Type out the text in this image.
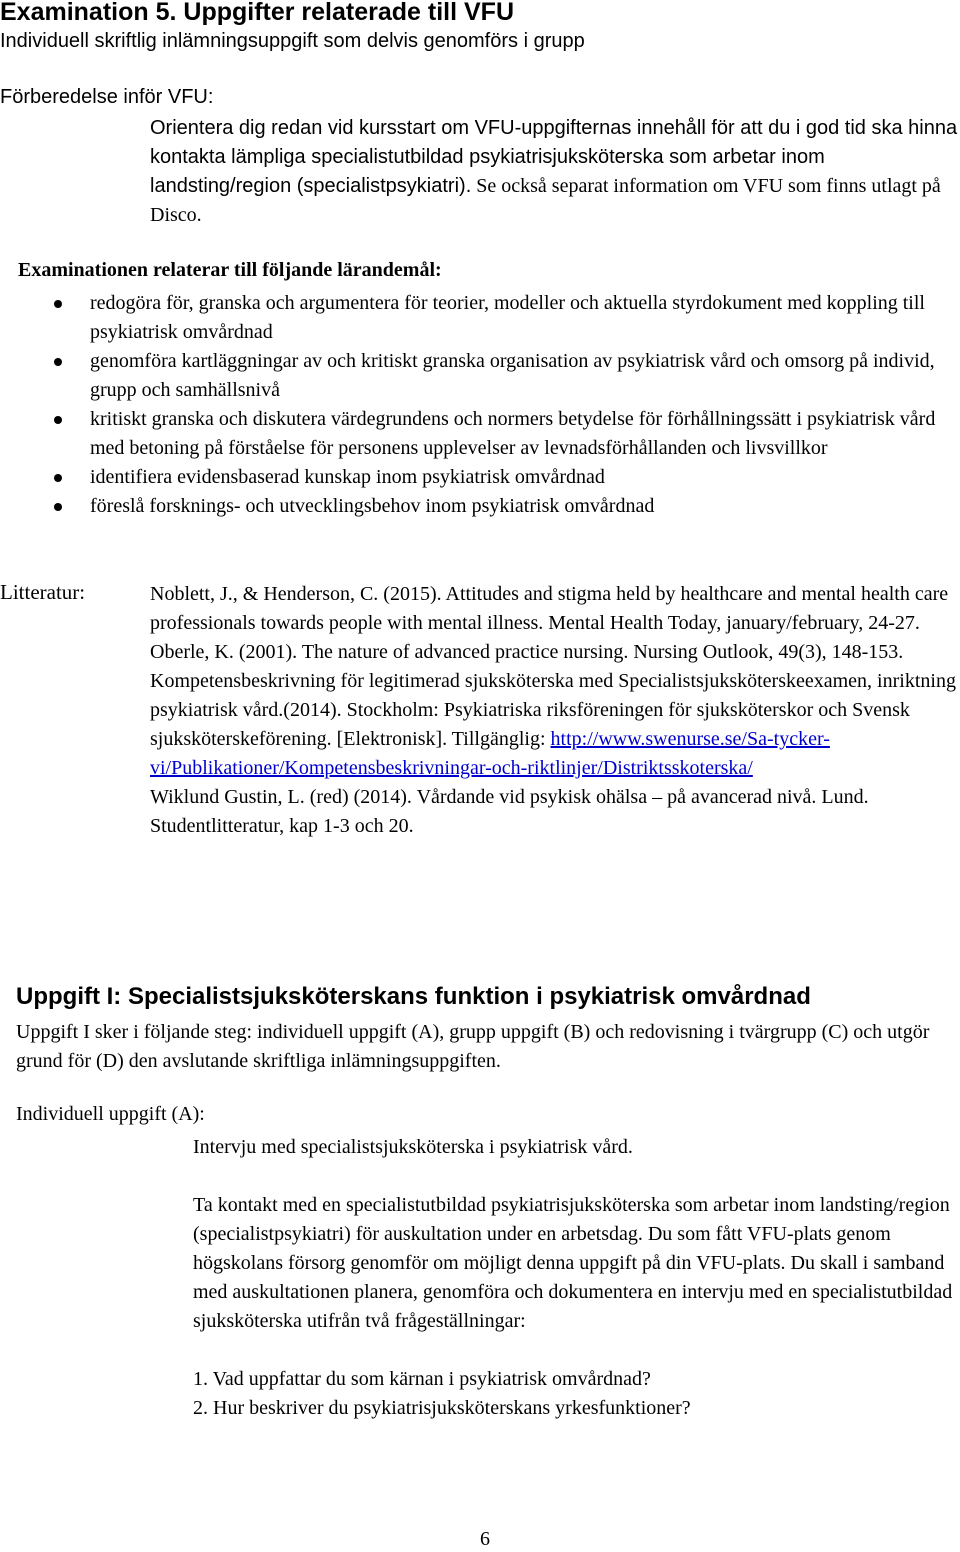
Examination 5. Uppgifter relaterade till VFU
Individuell skriftlig inlämningsuppgift som delvis genomförs i grupp
Förberedelse inför VFU:
Orientera dig redan vid kursstart om VFU-uppgifternas innehåll för att du i god tid ska hinna kontakta lämpliga specialistutbildad psykiatrisjuksköterska som arbetar inom landsting/region (specialistpsykiatri). Se också separat information om VFU som finns utlagt på Disco.
Examinationen relaterar till följande lärandemål:
redogöra för, granska och argumentera för teorier, modeller och aktuella styrdokument med koppling till psykiatrisk omvårdnad
genomföra kartläggningar av och kritiskt granska organisation av psykiatrisk vård och omsorg på individ, grupp och samhällsnivå
kritiskt granska och diskutera värdegrundens och normers betydelse för förhållningssätt i psykiatrisk vård med betoning på förståelse för personens upplevelser av levnadsförhållanden och livsvillkor
identifiera evidensbaserad kunskap inom psykiatrisk omvårdnad
föreslå forsknings- och utvecklingsbehov inom psykiatrisk omvårdnad
Litteratur:	Noblett, J., & Henderson, C. (2015). Attitudes and stigma held by healthcare and mental health care professionals towards people with mental illness. Mental Health Today, january/february, 24-27.

Oberle, K. (2001). The nature of advanced practice nursing. Nursing Outlook, 49(3), 148-153.

Kompetensbeskrivning för legitimerad sjuksköterska med Specialistsjuksköterskeexamen, inriktning psykiatrisk vård.(2014). Stockholm: Psykiatriska riksföreningen för sjuksköterskor och Svensk sjuksköterskeförening. [Elektronisk]. Tillgänglig: http://www.swenurse.se/Sa-tycker-vi/Publikationer/Kompetensbeskrivningar-och-riktlinjer/Distriktsskoterska/

Wiklund Gustin, L. (red) (2014). Vårdande vid psykisk ohälsa – på avancerad nivå. Lund. Studentlitteratur, kap 1-3 och 20.

Uppgift I: Specialistsjuksköterskans funktion i psykiatrisk omvårdnad
Uppgift I sker i följande steg: individuell uppgift (A), grupp uppgift (B) och redovisning i tvärgrupp (C) och utgör grund för (D) den avslutande skriftliga inlämningsuppgiften.
Individuell uppgift (A):

Intervju med specialistsjuksköterska i psykiatrisk vård.

Ta kontakt med en specialistutbildad psykiatrisjuksköterska som arbetar inom landsting/region (specialistpsykiatri) för auskultation under en arbetsdag. Du som fått VFU-plats genom högskolans försorg genomför om möjligt denna uppgift på din VFU-plats. Du skall i samband med auskultationen planera, genomföra och dokumentera en intervju med en specialistutbildad sjuksköterska utifrån två frågeställningar:

1. Vad uppfattar du som kärnan i psykiatrisk omvårdnad?

2. Hur beskriver du psykiatrisjuksköterskans yrkesfunktioner?

6
